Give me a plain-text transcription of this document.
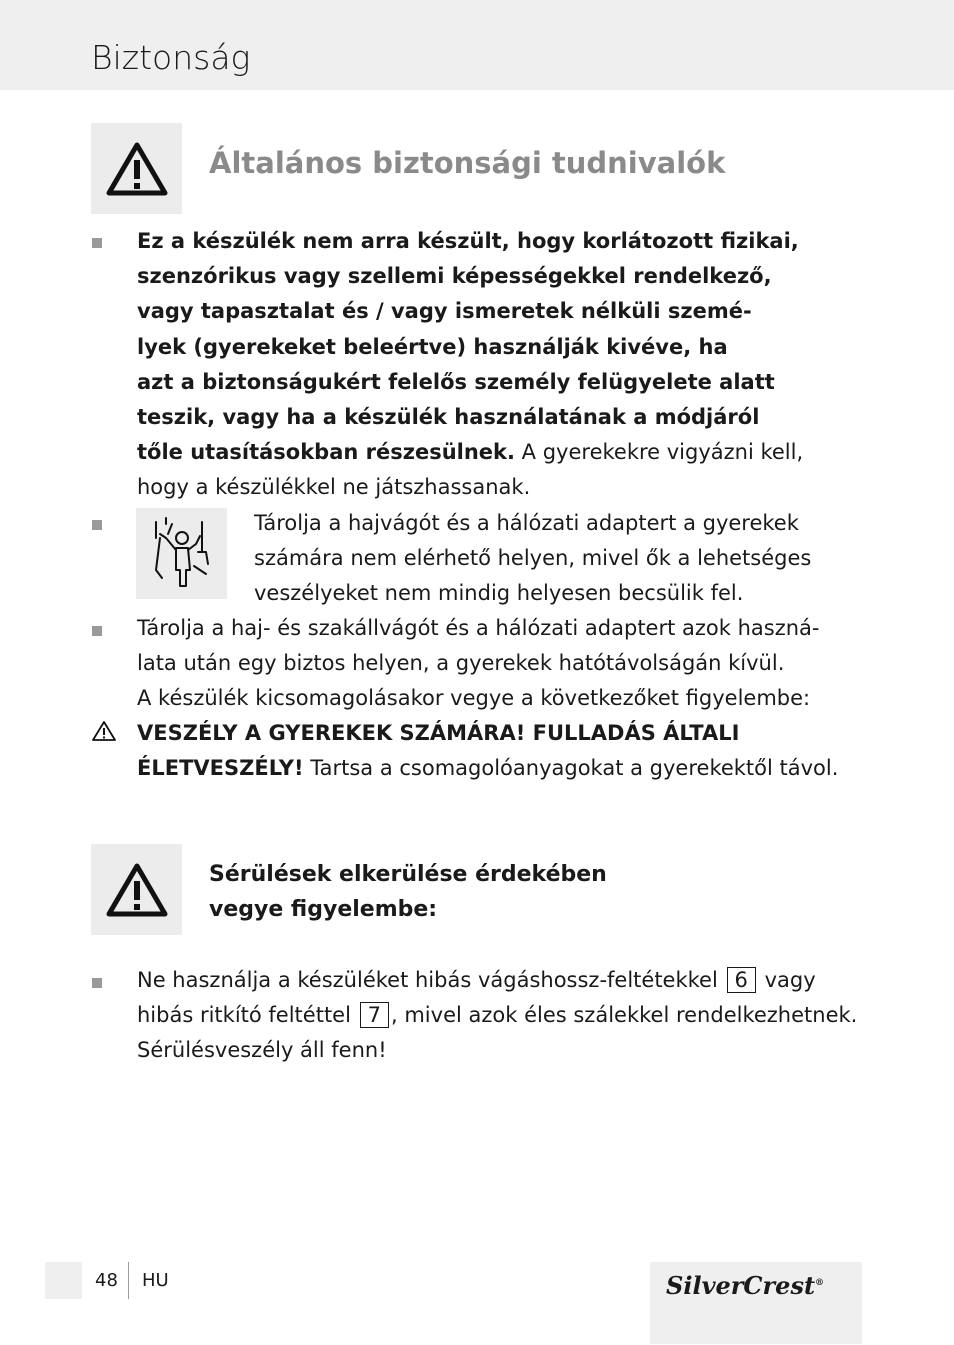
Biztonság
Általános biztonsági tudnivalók
Ez a készülék nem arra készült, hogy korlátozott fizikai,
szenzórikus vagy szellemi képességekkel rendelkező,
vagy tapasztalat és / vagy ismeretek nélküli szemé-
lyek (gyerekeket beleértve) használják kivéve, ha
azt a biztonságukért felelős személy felügyelete alatt
teszik, vagy ha a készülék használatának a módjáról
tőle utasításokban részesülnek. A gyerekekre vigyázni kell,
hogy a készülékkel ne játszhassanak.
Tárolja a hajvágót és a hálózati adaptert a gyerekek
számára nem elérhető helyen, mivel ők a lehetséges
veszélyeket nem mindig helyesen becsülik fel.
Tárolja a haj- és szakállvágót és a hálózati adaptert azok haszná-
lata után egy biztos helyen, a gyerekek hatótávolságán kívül.
A készülék kicsomagolásakor vegye a következőket figyelembe:
VESZÉLY A GYEREKEK SZÁMÁRA! FULLADÁS ÁLTALI
ÉLETVESZÉLY! Tartsa a csomagolóanyagokat a gyerekektől távol.
Sérülések elkerülése érdekében
vegye figyelembe:
Ne használja a készüléket hibás vágáshossz-feltétekkel 6 vagy
hibás ritkító feltéttel 7 , mivel azok éles szálekkel rendelkezhetnek.
Sérülésveszély áll fenn!
48 HU	SilverCrest®
